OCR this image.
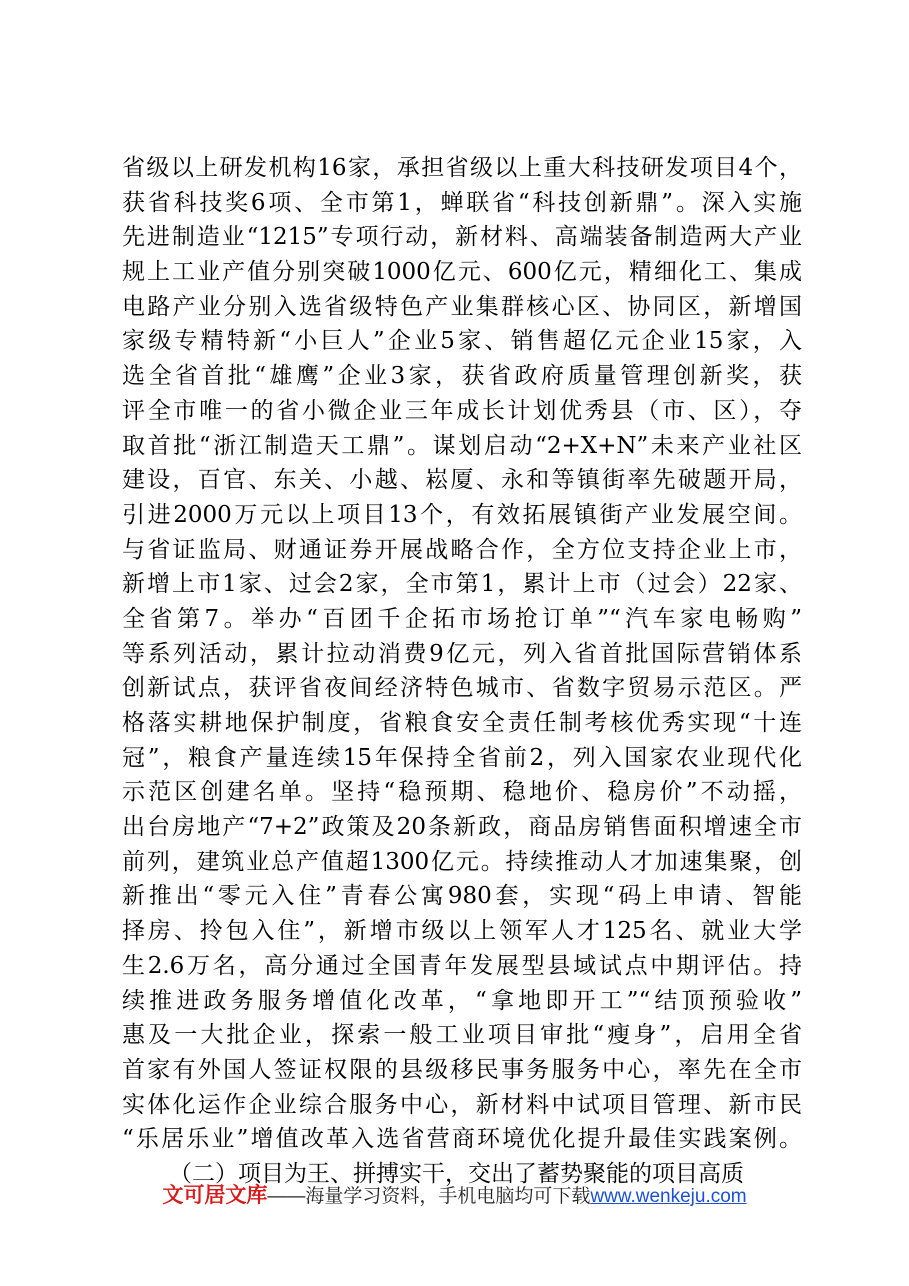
省级以上研发机构16家，承担省级以上重大科技研发项目4个，
获省科技奖6项、全市第1，蝉联省“科技创新鼎”。深入实施
先进制造业“1215”专项行动，新材料、高端装备制造两大产业
规上工业产值分别突破1000亿元、600亿元，精细化工、集成
电路产业分别入选省级特色产业集群核心区、协同区，新增国
家级专精特新“小巨人”企业5家、销售超亿元企业15家，入
选全省首批“雄鹰”企业3家，获省政府质量管理创新奖，获
评全市唯一的省小微企业三年成长计划优秀县（市、区），夺
取首批“浙江制造天工鼎”。谋划启动“2+X+N”未来产业社区
建设，百官、东关、小越、崧厦、永和等镇街率先破题开局，
引进2000万元以上项目13个，有效拓展镇街产业发展空间。
与省证监局、财通证券开展战略合作，全方位支持企业上市，
新增上市1家、过会2家，全市第1，累计上市（过会）22家、
全省第7。举办“百团千企拓市场抢订单”“汽车家电畅购”
等系列活动，累计拉动消费9亿元，列入省首批国际营销体系
创新试点，获评省夜间经济特色城市、省数字贸易示范区。严
格落实耕地保护制度，省粮食安全责任制考核优秀实现“十连
冠”，粮食产量连续15年保持全省前2，列入国家农业现代化
示范区创建名单。坚持“稳预期、稳地价、稳房价”不动摇，
出台房地产“7+2”政策及20条新政，商品房销售面积增速全市
前列，建筑业总产值超1300亿元。持续推动人才加速集聚，创
新推出“零元入住”青春公寓980套，实现“码上申请、智能
择房、拎包入住”，新增市级以上领军人才125名、就业大学
生2.6万名，高分通过全国青年发展型县域试点中期评估。持
续推进政务服务增值化改革，“拿地即开工”“结顶预验收”
惠及一大批企业，探索一般工业项目审批“瘦身”，启用全省
首家有外国人签证权限的县级移民事务服务中心，率先在全市
实体化运作企业综合服务中心，新材料中试项目管理、新市民
“乐居乐业”增值改革入选省营商环境优化提升最佳实践案例。
（二）项目为王、拼搏实干，交出了蓄势聚能的项目高质
文可居文库——海量学习资料，手机电脑均可下载www.wenkeju.com
